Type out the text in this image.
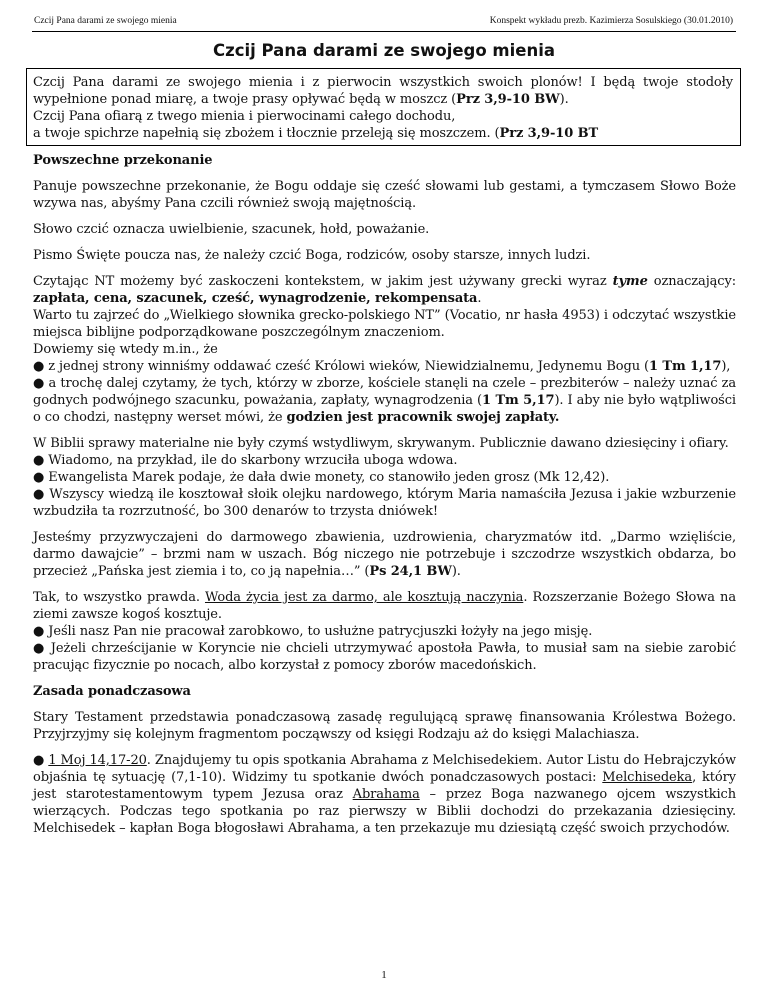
Czcij Pana darami ze swojego mienia	Konspekt wykładu prezb. Kazimierza Sosulskiego (30.01.2010)
Czcij Pana darami ze swojego mienia

Czcij Pana darami ze swojego mienia i z pierwocin wszystkich swoich plonów! I będą twoje stodoły wypełnione ponad miarę, a twoje prasy opływać będą w moszcz (Prz 3,9-10 BW).

Czcij Pana ofiarą z twego mienia i pierwocinami całego dochodu,

a twoje spichrze napełnią się zbożem i tłocznie przeleją się moszczem. (Prz 3,9-10 BT

Powszechne przekonanie

Panuje powszechne przekonanie, że Bogu oddaje się cześć słowami lub gestami, a tymczasem Słowo Boże wzywa nas, abyśmy Pana czcili również swoją majętnością.

Słowo czcić oznacza uwielbienie, szacunek, hołd, poważanie.

Pismo Święte poucza nas, że należy czcić Boga, rodziców, osoby starsze, innych ludzi.

Czytając NT możemy być zaskoczeni kontekstem, w jakim jest używany grecki wyraz tyme oznaczający: zapłata, cena, szacunek, cześć, wynagrodzenie, rekompensata.
Warto tu zajrzeć do „Wielkiego słownika grecko-polskiego NT” (Vocatio, nr hasła 4953) i odczytać wszystkie miejsca biblijne podporządkowane poszczególnym znaczeniom.
Dowiemy się wtedy m.in., że
● z jednej strony winniśmy oddawać cześć Królowi wieków, Niewidzialnemu, Jedynemu Bogu (1 Tm 1,17),
● a trochę dalej czytamy, że tych, którzy w zborze, kościele stanęli na czele – prezbiterów – należy uznać za godnych podwójnego szacunku, poważania, zapłaty, wynagrodzenia (1 Tm 5,17). I aby nie było wątpliwości o co chodzi, następny werset mówi, że godzien jest pracownik swojej zapłaty.

W Biblii sprawy materialne nie były czymś wstydliwym, skrywanym. Publicznie dawano dziesięciny i ofiary.
● Wiadomo, na przykład, ile do skarbony wrzuciła uboga wdowa.
● Ewangelista Marek podaje, że dała dwie monety, co stanowiło jeden grosz (Mk 12,42).
● Wszyscy wiedzą ile kosztował słoik olejku nardowego, którym Maria namaściła Jezusa i jakie wzburzenie wzbudziła ta rozrzutność, bo 300 denarów to trzysta dniówek!

Jesteśmy przyzwyczajeni do darmowego zbawienia, uzdrowienia, charyzmatów itd. „Darmo wzięliście, darmo dawajcie” – brzmi nam w uszach. Bóg niczego nie potrzebuje i szczodrze wszystkich obdarza, bo przecież „Pańska jest ziemia i to, co ją napełnia…” (Ps 24,1 BW).

Tak, to wszystko prawda. Woda życia jest za darmo, ale kosztują naczynia. Rozszerzanie Bożego Słowa na ziemi zawsze kogoś kosztuje.
● Jeśli nasz Pan nie pracował zarobkowo, to usłużne patrycjuszki łożyły na jego misję.
● Jeżeli chrześcijanie w Koryncie nie chcieli utrzymywać apostoła Pawła, to musiał sam na siebie zarobić pracując fizycznie po nocach, albo korzystał z pomocy zborów macedońskich.

Zasada ponadczasowa

Stary Testament przedstawia ponadczasową zasadę regulującą sprawę finansowania Królestwa Bożego. Przyjrzyjmy się kolejnym fragmentom począwszy od księgi Rodzaju aż do księgi Malachiasza.

● 1 Moj 14,17-20. Znajdujemy tu opis spotkania Abrahama z Melchisedekiem. Autor Listu do Hebrajczyków objaśnia tę sytuację (7,1-10). Widzimy tu spotkanie dwóch ponadczasowych postaci: Melchisedeka, który jest starotestamentowym typem Jezusa oraz Abrahama – przez Boga nazwanego ojcem wszystkich wierzących. Podczas tego spotkania po raz pierwszy w Biblii dochodzi do przekazania dziesięciny. Melchisedek – kapłan Boga błogosławi Abrahama, a ten przekazuje mu dziesiątą część swoich przychodów.

1
